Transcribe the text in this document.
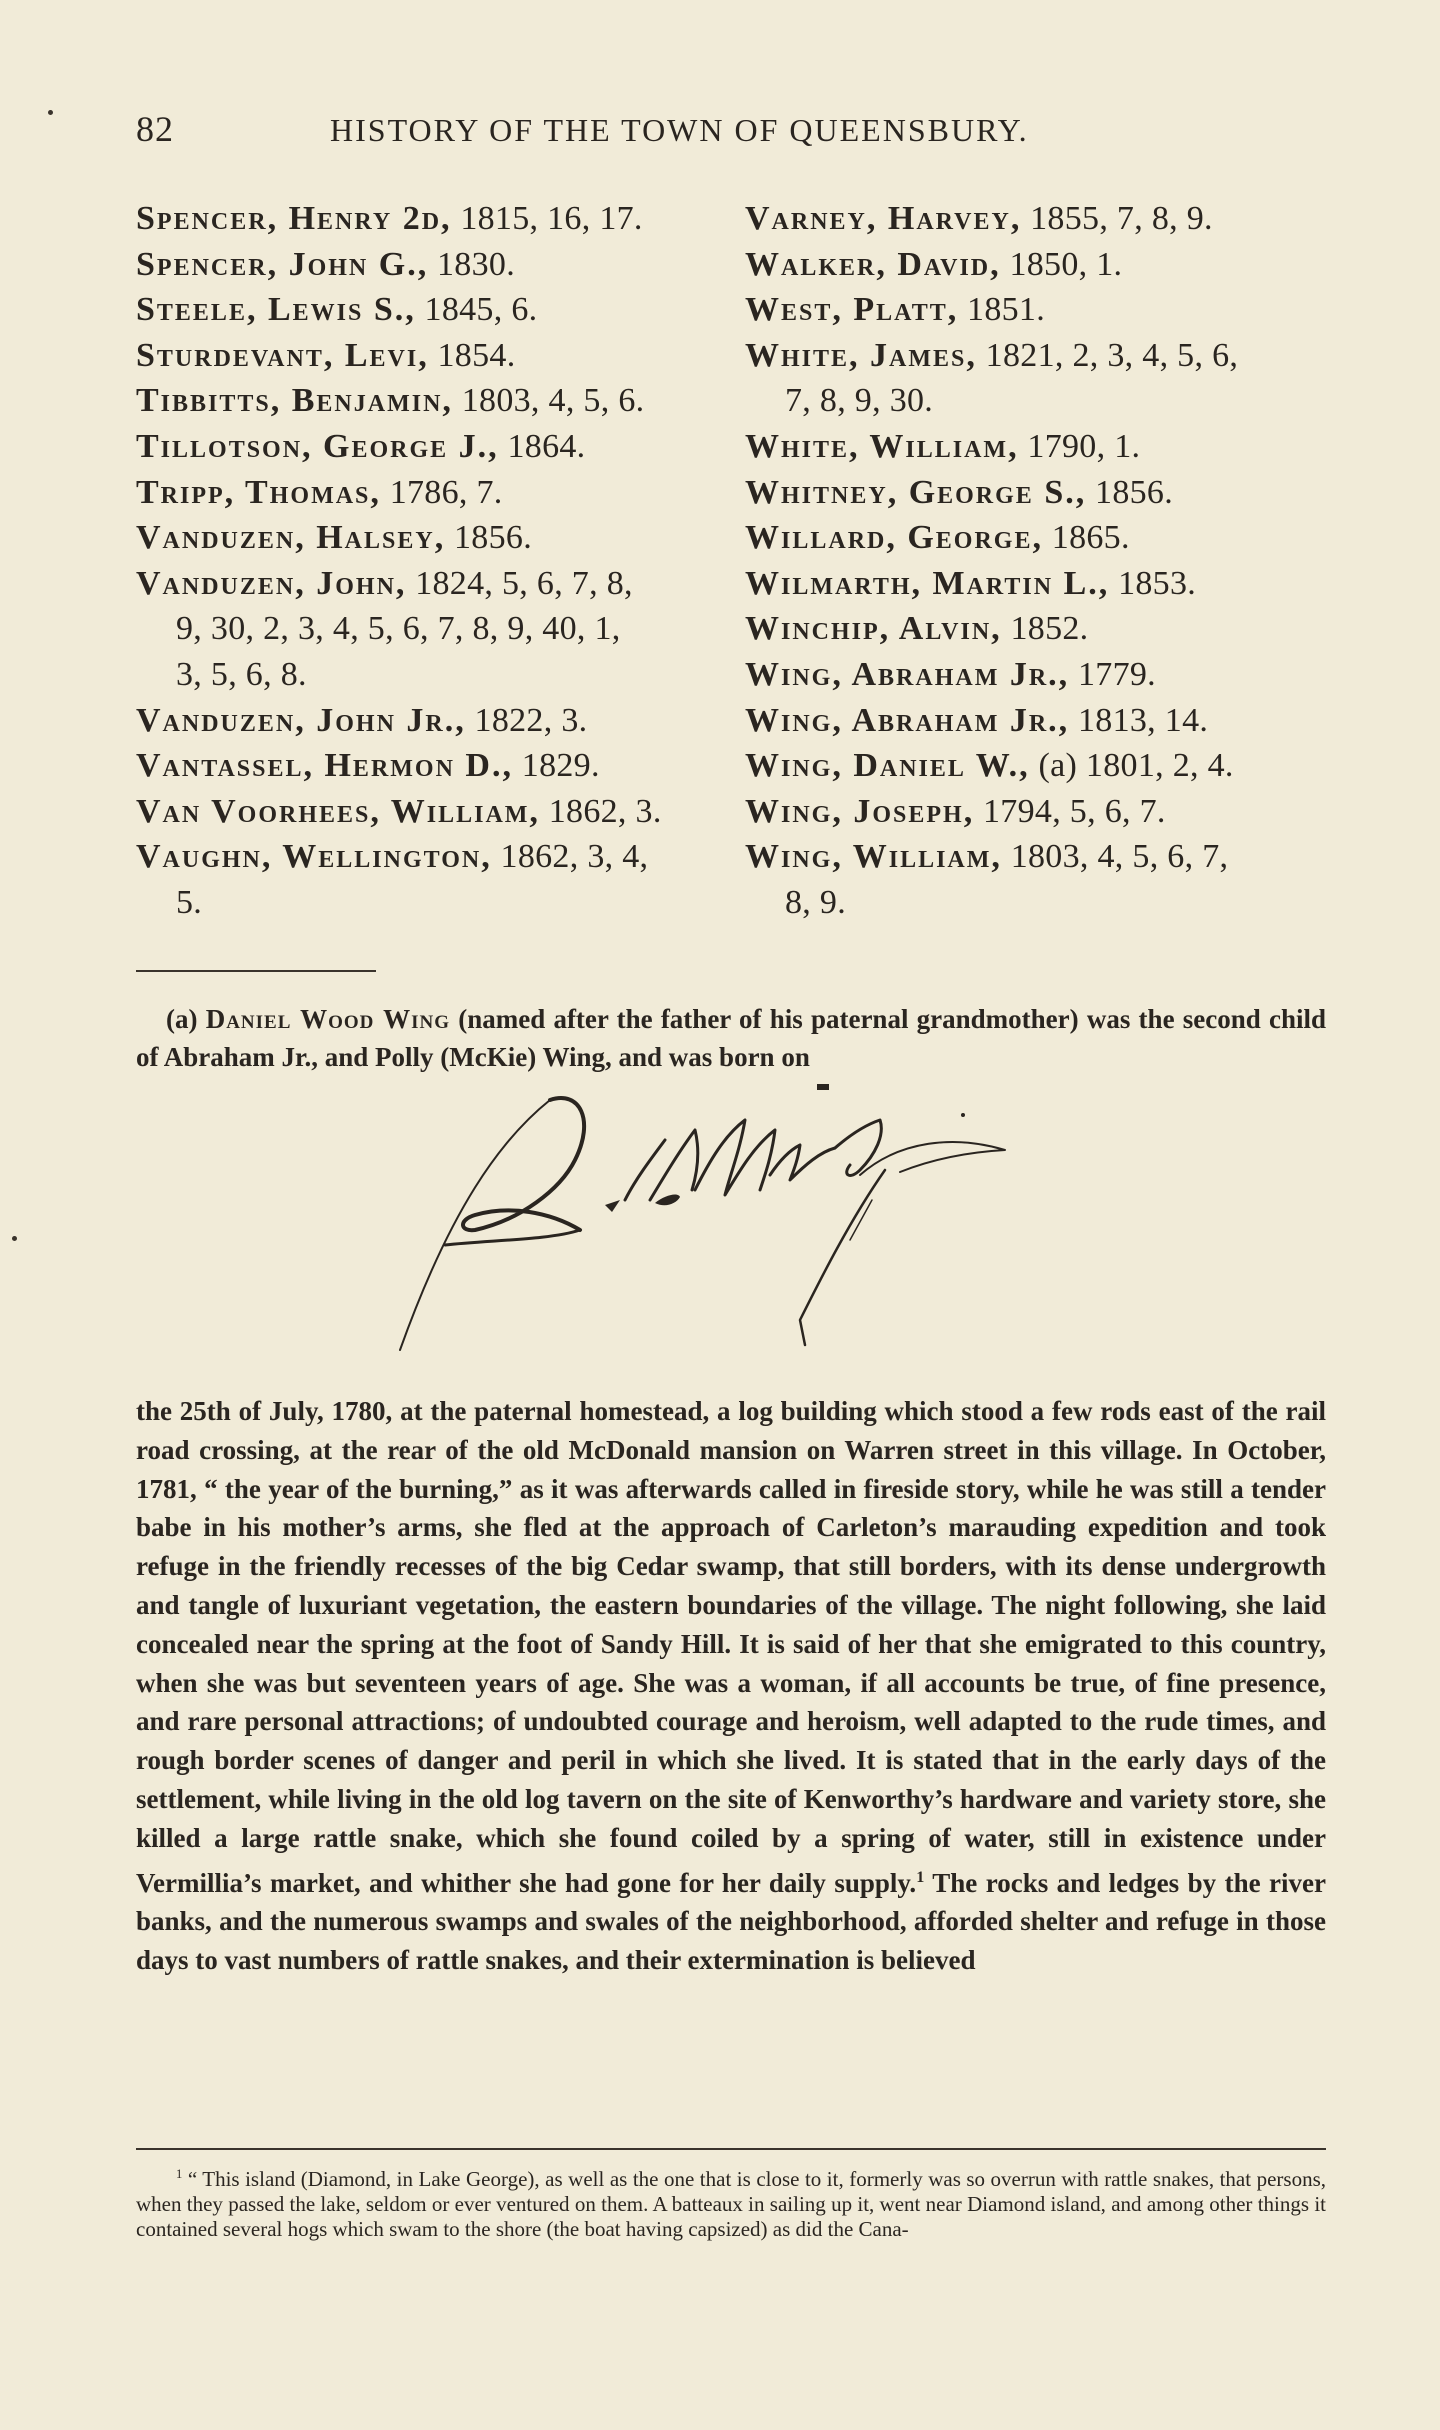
82	HISTORY OF THE TOWN OF QUEENSBURY.
Spencer, Henry 2d, 1815, 16, 17.
Spencer, John G., 1830.
Steele, Lewis S., 1845, 6.
Sturdevant, Levi, 1854.
Tibbitts, Benjamin, 1803, 4, 5, 6.
Tillotson, George J., 1864.
Tripp, Thomas, 1786, 7.
Vanduzen, Halsey, 1856.
Vanduzen, John, 1824, 5, 6, 7, 8,
9, 30, 2, 3, 4, 5, 6, 7, 8, 9, 40, 1,
3, 5, 6, 8.
Vanduzen, John Jr., 1822, 3.
Vantassel, Hermon D., 1829.
Van Voorhees, William, 1862, 3.
Vaughn, Wellington, 1862, 3, 4,
5.
Varney, Harvey, 1855, 7, 8, 9.
Walker, David, 1850, 1.
West, Platt, 1851.
White, James, 1821, 2, 3, 4, 5, 6,
7, 8, 9, 30.
White, William, 1790, 1.
Whitney, George S., 1856.
Willard, George, 1865.
Wilmarth, Martin L., 1853.
Winchip, Alvin, 1852.
Wing, Abraham Jr., 1779.
Wing, Abraham Jr., 1813, 14.
Wing, Daniel W., (a) 1801, 2, 4.
Wing, Joseph, 1794, 5, 6, 7.
Wing, William, 1803, 4, 5, 6, 7,
8, 9.

(a) Daniel Wood Wing (named after the father of his paternal grandmother) was the second child of Abraham Jr., and Polly (McKie) Wing, and was born on

the 25th of July, 1780, at the paternal homestead, a log building which stood a few rods east of the rail road crossing, at the rear of the old McDonald mansion on Warren street in this village. In October, 1781, “ the year of the burning,” as it was afterwards called in fireside story, while he was still a tender babe in his mother’s arms, she fled at the approach of Carleton’s marauding expedition and took refuge in the friendly recesses of the big Cedar swamp, that still borders, with its dense undergrowth and tangle of luxuriant vegetation, the eastern boundaries of the village. The night following, she laid concealed near the spring at the foot of Sandy Hill. It is said of her that she emigrated to this country, when she was but seventeen years of age. She was a woman, if all accounts be true, of fine presence, and rare personal attractions; of undoubted courage and heroism, well adapted to the rude times, and rough border scenes of danger and peril in which she lived. It is stated that in the early days of the settlement, while living in the old log tavern on the site of Kenworthy’s hardware and variety store, she killed a large rattle snake, which she found coiled by a spring of water, still in existence under Vermillia’s market, and whither she had gone for her daily supply.$^1$ The rocks and ledges by the river banks, and the numerous swamps and swales of the neighborhood, afforded shelter and refuge in those days to vast numbers of rattle snakes, and their extermination is believed

$^1$ “ This island (Diamond, in Lake George), as well as the one that is close to it, formerly was so overrun with rattle snakes, that persons, when they passed the lake, seldom or ever ventured on them. A batteaux in sailing up it, went near Diamond island, and among other things it contained several hogs which swam to the shore (the boat having capsized) as did the Cana-
